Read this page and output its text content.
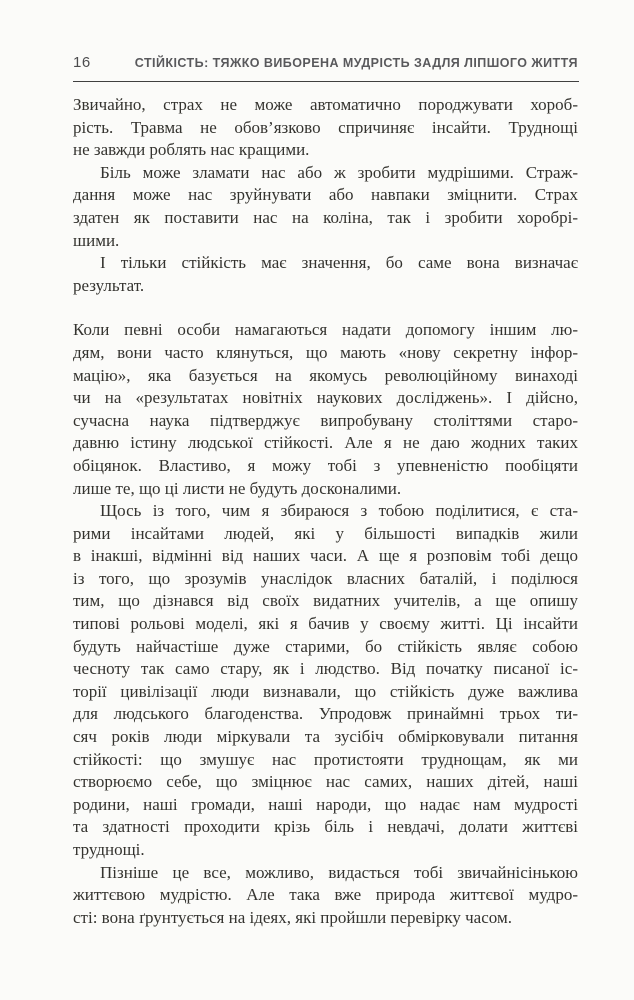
16	СТІЙКІСТЬ: ТЯЖКО ВИБОРЕНА МУДРІСТЬ ЗАДЛЯ ЛІПШОГО ЖИТТЯ

Звичайно, страх не може автоматично породжувати хороб-
рість. Травма не обов’язково спричиняє інсайти. Труднощі
не завжди роблять нас кращими.

Біль може зламати нас або ж зробити мудрішими. Страж-
дання може нас зруйнувати або навпаки зміцнити. Страх
здатен як поставити нас на коліна, так і зробити хоробрі-
шими.

І тільки стійкість має значення, бо саме вона визначає
результат.

Коли певні особи намагаються надати допомогу іншим лю-
дям, вони часто клянуться, що мають «нову секретну інфор-
мацію», яка базується на якомусь революційному винаході
чи на «результатах новітніх наукових досліджень». І дійсно,
сучасна наука підтверджує випробувану століттями старо-
давню істину людської стійкості. Але я не даю жодних таких
обіцянок. Властиво, я можу тобі з упевненістю пообіцяти
лише те, що ці листи не будуть досконалими.

Щось із того, чим я збираюся з тобою поділитися, є ста-
рими інсайтами людей, які у більшості випадків жили
в інакші, відмінні від наших часи. А ще я розповім тобі дещо
із того, що зрозумів унаслідок власних баталій, і поділюся
тим, що дізнався від своїх видатних учителів, а ще опишу
типові рольові моделі, які я бачив у своєму житті. Ці інсайти
будуть найчастіше дуже старими, бо стійкість являє собою
чесноту так само стару, як і людство. Від початку писаної іс-
торії цивілізації люди визнавали, що стійкість дуже важлива
для людського благоденства. Упродовж принаймні трьох ти-
сяч років люди міркували та зусібіч обмірковували питання
стійкості: що змушує нас протистояти труднощам, як ми
створюємо себе, що зміцнює нас самих, наших дітей, наші
родини, наші громади, наші народи, що надає нам мудрості
та здатності проходити крізь біль і невдачі, долати життєві
труднощі.

Пізніше це все, можливо, видасться тобі звичайнісінькою
життєвою мудрістю. Але така вже природа життєвої мудро-
сті: вона ґрунтується на ідеях, які пройшли перевірку часом.
